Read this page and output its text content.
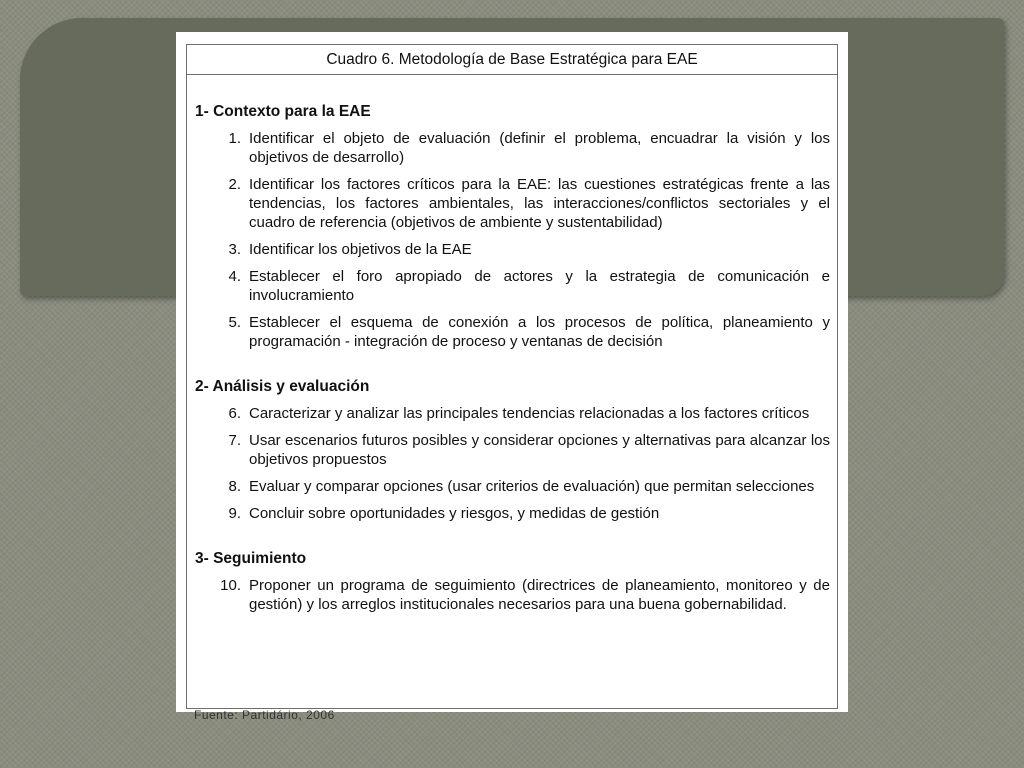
Cuadro 6. Metodología de Base Estratégica para EAE
1- Contexto para la EAE
1. Identificar el objeto de evaluación (definir el problema, encuadrar la visión y los objetivos de desarrollo)
2. Identificar los factores críticos para la EAE: las cuestiones estratégicas frente a las tendencias, los factores ambientales, las interacciones/conflictos sectoriales y el cuadro de referencia (objetivos de ambiente y sustentabilidad)
3. Identificar los objetivos de la EAE
4. Establecer el foro apropiado de actores y la estrategia de comunicación e involucramiento
5. Establecer el esquema de conexión a los procesos de política, planeamiento y programación - integración de proceso y ventanas de decisión
2- Análisis y evaluación
6. Caracterizar y analizar las principales tendencias relacionadas a los factores críticos
7. Usar escenarios futuros posibles y considerar opciones y alternativas para alcanzar los objetivos propuestos
8. Evaluar y comparar opciones (usar criterios de evaluación) que permitan selecciones
9. Concluir sobre oportunidades y riesgos, y medidas de gestión
3- Seguimiento
10. Proponer un programa de seguimiento (directrices de planeamiento, monitoreo y de gestión) y los arreglos institucionales necesarios para una buena gobernabilidad.
Fuente: Partidário, 2006
